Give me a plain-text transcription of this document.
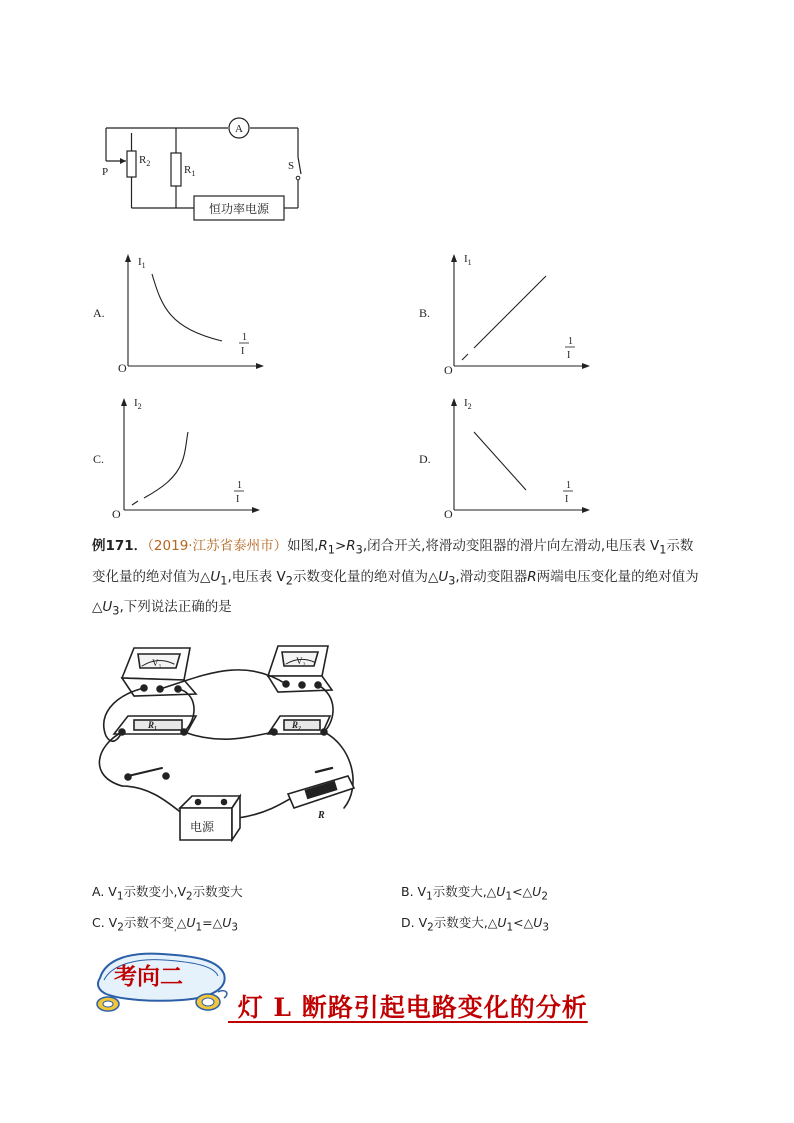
A
$R_2$
$R_1$
P	S
恒功率电源
A.
$I_1$
1
I
O
B.
$I_1$
1
I
O
C.
$I_2$
1
I
O
D.
$I_2$
1
I
O
例171．（2019·江苏省泰州市）如图$,R_1>R_3$,闭合开关,将滑动变阻器的滑片向左滑动,电压表 $V_1$示数变化量的绝对值为$\triangle U_1$,电压表 $V_2$示数变化量的绝对值为$\triangle U_3$,滑动变阻器R两端电压变化量的绝对值为$\triangle U_3$,下列说法正确的是
V₁	V₂
R₁	R₂
R
电源
A. $V_1$示数变小$,V_2$示数变大	B. $V_1$示数变大$,\triangle U_1<\triangle U_2$
C. $V_2$示数不变$_,\triangle U_1=\triangle U_3$	D. $V_2$示数变大$,\triangle U_1<\triangle U_3$
考向二
灯 L 断路引起电路变化的分析
